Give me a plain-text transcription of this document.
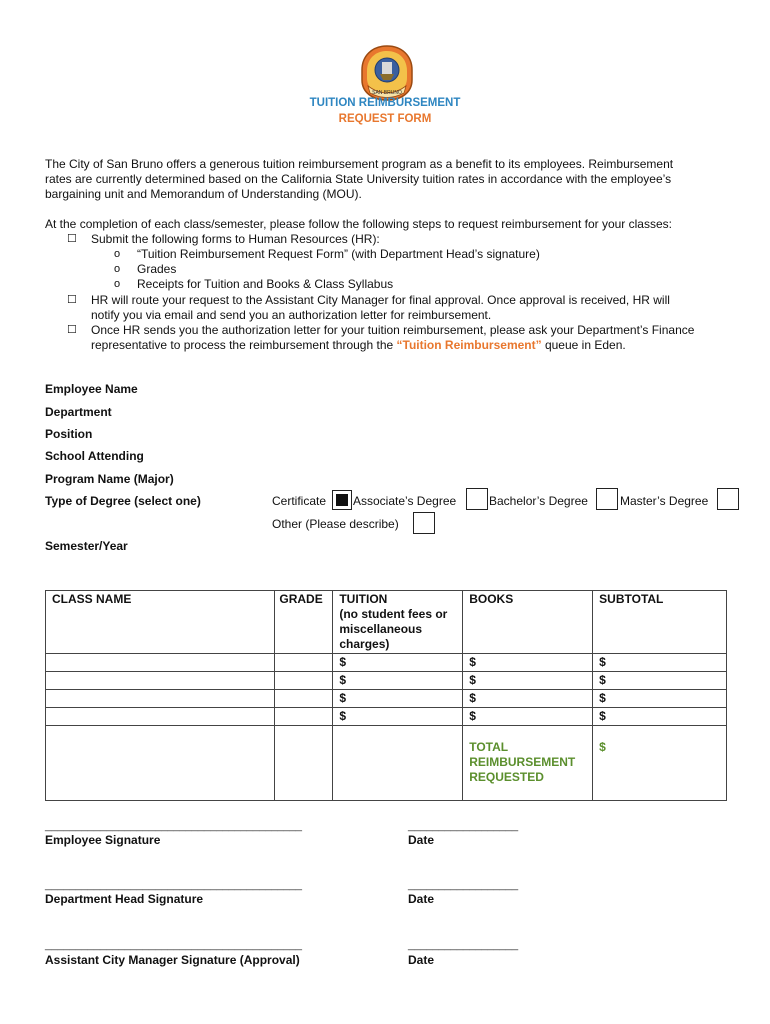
SAN BRUNO
TUITION REIMBURSEMENT
REQUEST FORM
The City of San Bruno offers a generous tuition reimbursement program as a benefit to its employees. Reimbursement
rates are currently determined based on the California State University tuition rates in accordance with the employee’s
bargaining unit and Memorandum of Understanding (MOU).
At the completion of each class/semester, please follow the following steps to request reimbursement for your classes:
☐ Submit the following forms to Human Resources (HR):
o “Tuition Reimbursement Request Form” (with Department Head’s signature)
o Grades
o Receipts for Tuition and Books & Class Syllabus
☐ HR will route your request to the Assistant City Manager for final approval. Once approval is received, HR will
notify you via email and send you an authorization letter for reimbursement.
☐ Once HR sends you the authorization letter for your tuition reimbursement, please ask your Department’s Finance
representative to process the reimbursement through the “Tuition Reimbursement” queue in Eden.
Employee Name
Department
Position
School Attending
Program Name (Major)
Type of Degree (select one)	Certificate Associate’s Degree	Bachelor’s Degree	Master’s Degree
Other (Please describe)
Semester/Year
CLASS NAME	GRADE	TUITION
(no student fees or
miscellaneous
charges)	BOOKS	SUBTOTAL
		$	$	$
		$	$	$
		$	$	$
		$	$	$

			TOTAL
REIMBURSEMENT
REQUESTED	$
__________________________________________	__________________
Employee Signature	Date
__________________________________________	__________________
Department Head Signature	Date
__________________________________________	__________________
Assistant City Manager Signature (Approval)	Date
